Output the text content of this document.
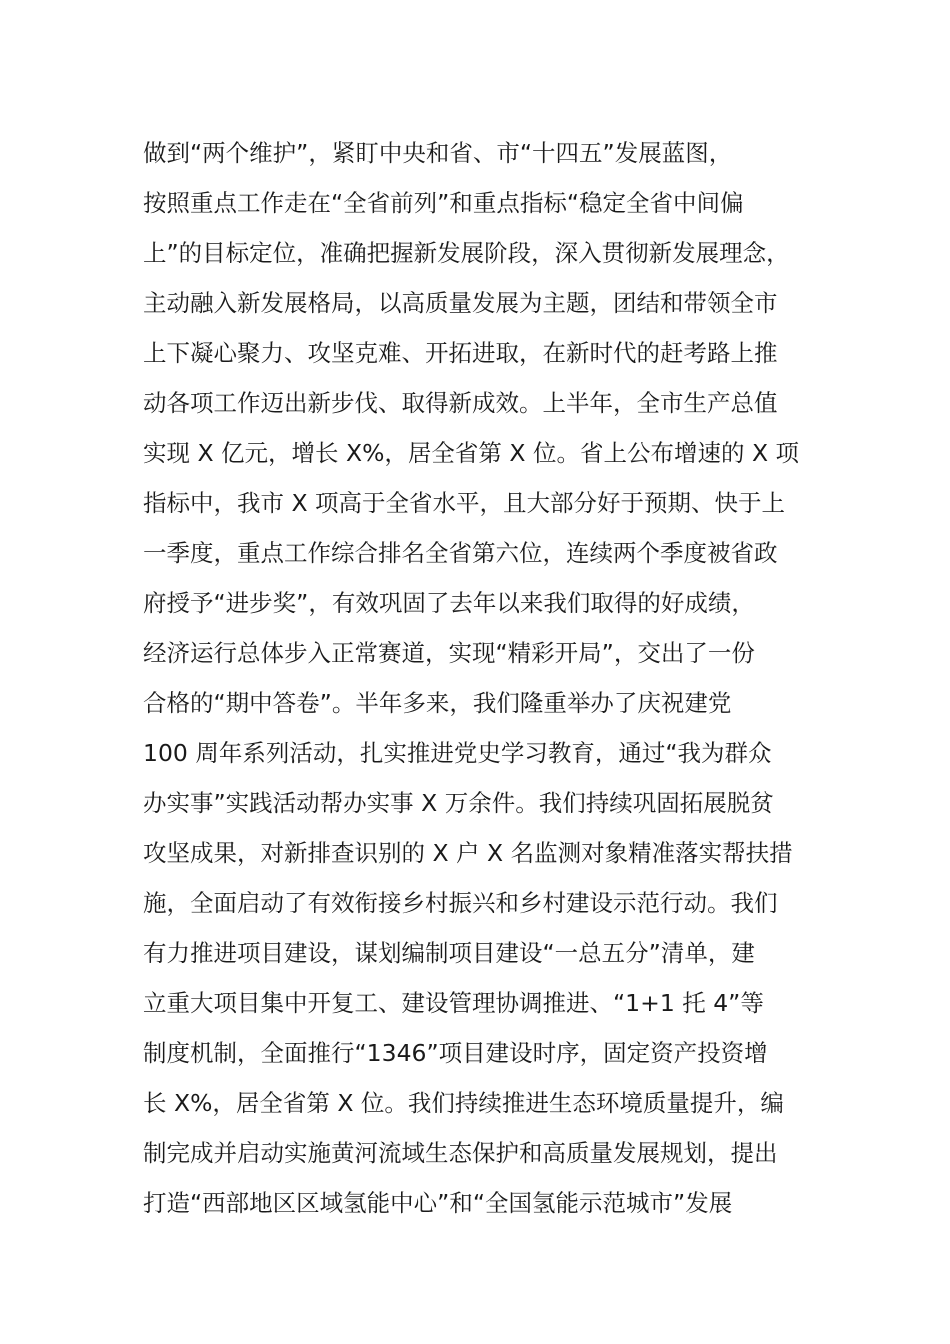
做到“两个维护”，紧盯中央和省、市“十四五”发展蓝图，
按照重点工作走在“全省前列”和重点指标“稳定全省中间偏
上”的目标定位，准确把握新发展阶段，深入贯彻新发展理念，
主动融入新发展格局，以高质量发展为主题，团结和带领全市
上下凝心聚力、攻坚克难、开拓进取，在新时代的赶考路上推
动各项工作迈出新步伐、取得新成效。上半年，全市生产总值
实现 X 亿元，增长 X%，居全省第 X 位。省上公布增速的 X 项
指标中，我市 X 项高于全省水平，且大部分好于预期、快于上
一季度，重点工作综合排名全省第六位，连续两个季度被省政
府授予“进步奖”，有效巩固了去年以来我们取得的好成绩，
经济运行总体步入正常赛道，实现“精彩开局”，交出了一份
合格的“期中答卷”。半年多来，我们隆重举办了庆祝建党
100 周年系列活动，扎实推进党史学习教育，通过“我为群众
办实事”实践活动帮办实事 X 万余件。我们持续巩固拓展脱贫
攻坚成果，对新排查识别的 X 户 X 名监测对象精准落实帮扶措
施，全面启动了有效衔接乡村振兴和乡村建设示范行动。我们
有力推进项目建设，谋划编制项目建设“一总五分”清单，建
立重大项目集中开复工、建设管理协调推进、“1+1 托 4”等
制度机制，全面推行“1346”项目建设时序，固定资产投资增
长 X%，居全省第 X 位。我们持续推进生态环境质量提升，编
制完成并启动实施黄河流域生态保护和高质量发展规划，提出
打造“西部地区区域氢能中心”和“全国氢能示范城市”发展
